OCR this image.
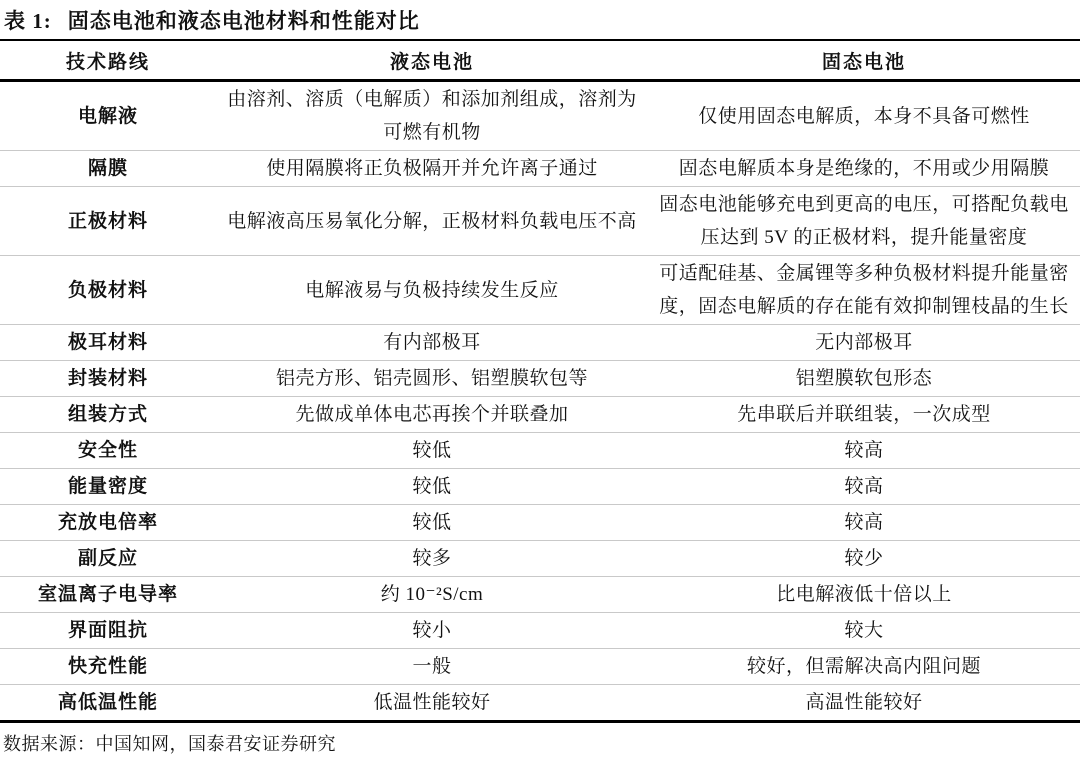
表 1: 固态电池和液态电池材料和性能对比
技术路线	液态电池	固态电池
电解液	由溶剂、溶质（电解质）和添加剂组成，溶剂为可燃有机物	仅使用固态电解质，本身不具备可燃性
隔膜	使用隔膜将正负极隔开并允许离子通过	固态电解质本身是绝缘的，不用或少用隔膜
正极材料	电解液高压易氧化分解，正极材料负载电压不高	固态电池能够充电到更高的电压，可搭配负载电压达到 5V 的正极材料，提升能量密度
负极材料	电解液易与负极持续发生反应	可适配硅基、金属锂等多种负极材料提升能量密度，固态电解质的存在能有效抑制锂枝晶的生长
极耳材料	有内部极耳	无内部极耳
封装材料	铝壳方形、铝壳圆形、铝塑膜软包等	铝塑膜软包形态
组装方式	先做成单体电芯再挨个并联叠加	先串联后并联组装，一次成型
安全性	较低	较高
能量密度	较低	较高
充放电倍率	较低	较高
副反应	较多	较少
室温离子电导率	约 10⁻²S/cm	比电解液低十倍以上
界面阻抗	较小	较大
快充性能	一般	较好，但需解决高内阻问题
高低温性能	低温性能较好	高温性能较好
数据来源：中国知网，国泰君安证券研究
